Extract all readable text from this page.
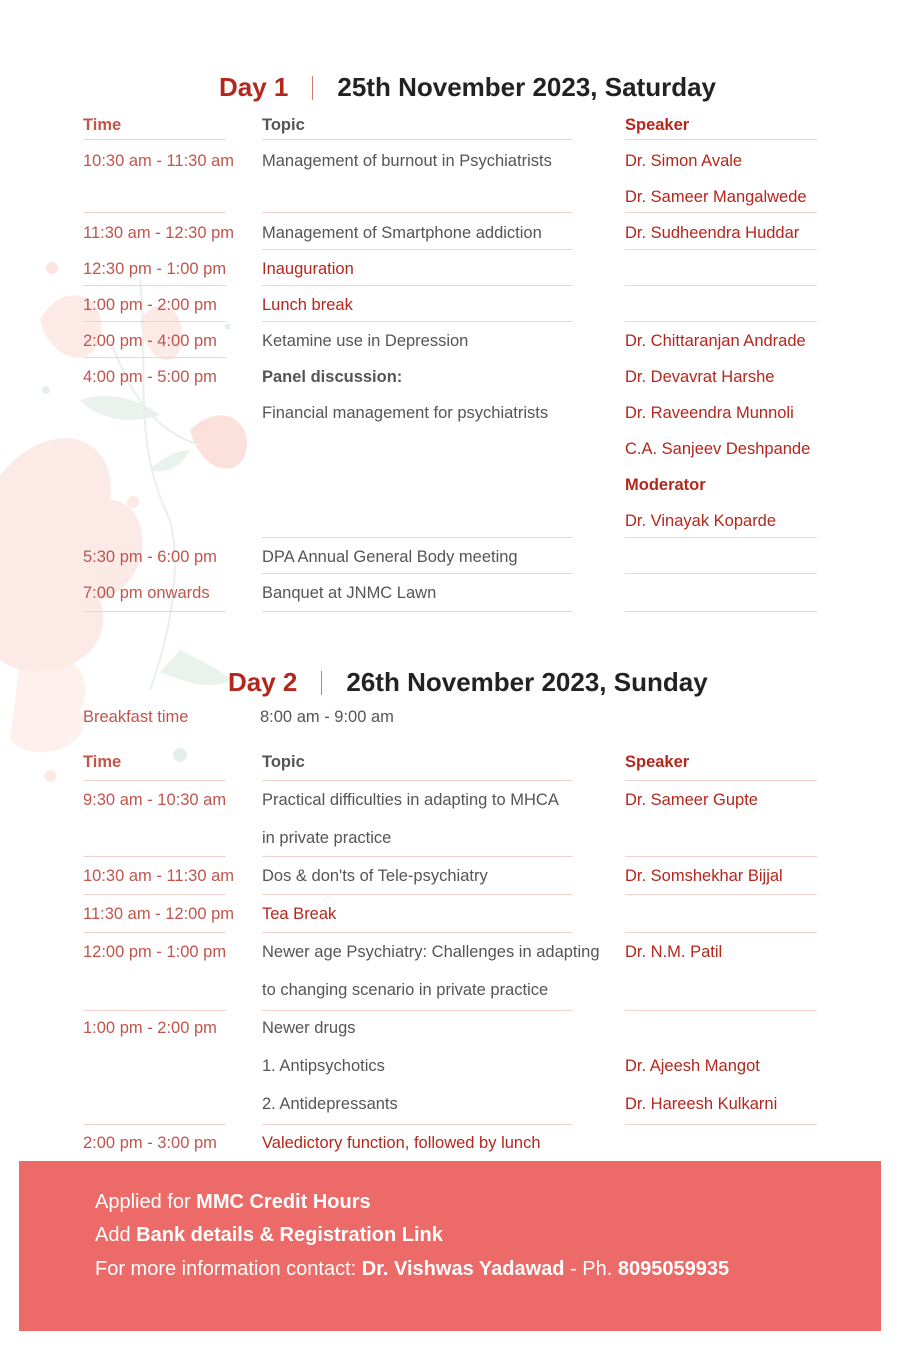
Day 1 25th November 2023, Saturday
Time	Topic	Speaker
10:30 am - 11:30 am Management of burnout in Psychiatrists	Dr. Simon Avale
Dr. Sameer Mangalwede
11:30 am - 12:30 pm Management of Smartphone addiction	Dr. Sudheendra Huddar
12:30 pm - 1:00 pm Inauguration
1:00 pm - 2:00 pm	Lunch break
2:00 pm - 4:00 pm	Ketamine use in Depression	Dr. Chittaranjan Andrade
4:00 pm - 5:00 pm	Panel discussion:	Dr. Devavrat Harshe
Financial management for psychiatrists	Dr. Raveendra Munnoli
C.A. Sanjeev Deshpande
Moderator
Dr. Vinayak Koparde
5:30 pm - 6:00 pm	DPA Annual General Body meeting
7:00 pm onwards	Banquet at JNMC Lawn
Day 2 26th November 2023, Sunday
Breakfast time	8:00 am - 9:00 am
Time	Topic	Speaker
9:30 am - 10:30 am Practical difficulties in adapting to MHCA	Dr. Sameer Gupte
in private practice
10:30 am - 11:30 am Dos & don'ts of Tele-psychiatry	Dr. Somshekhar Bijjal
11:30 am - 12:00 pm Tea Break
12:00 pm - 1:00 pm Newer age Psychiatry: Challenges in adapting Dr. N.M. Patil
to changing scenario in private practice
1:00 pm - 2:00 pm	Newer drugs
1. Antipsychotics	Dr. Ajeesh Mangot
2. Antidepressants	Dr. Hareesh Kulkarni
2:00 pm - 3:00 pm	Valedictory function, followed by lunch
Applied for MMC Credit Hours
Add Bank details & Registration Link
For more information contact: Dr. Vishwas Yadawad - Ph. 8095059935
